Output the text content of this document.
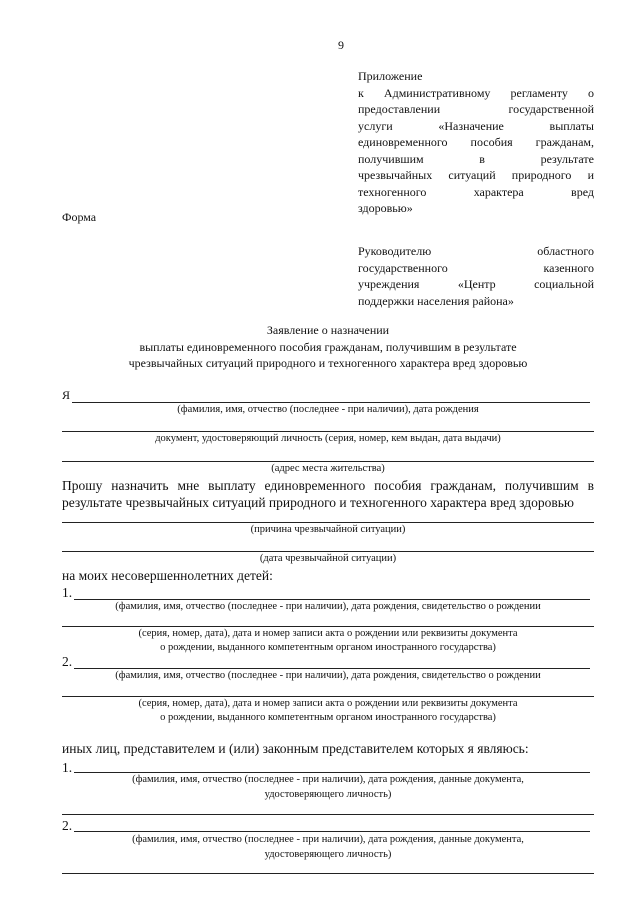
9
Приложение
к Административному регламенту о
предоставлении государственной
услуги «Назначение выплаты
единовременного пособия гражданам,
получившим в результате
чрезвычайных ситуаций природного и
техногенного характера вред
здоровью»
Форма
Руководителю областного
государственного казенного
учреждения «Центр социальной
поддержки населения района»
Заявление о назначении
выплаты единовременного пособия гражданам, получившим в результате
чрезвычайных ситуаций природного и техногенного характера вред здоровью
Я
(фамилия, имя, отчество (последнее - при наличии), дата рождения
документ, удостоверяющий личность (серия, номер, кем выдан, дата выдачи)
(адрес места жительства)
Прошу назначить мне выплату единовременного пособия гражданам, получившим в
результате чрезвычайных ситуаций природного и техногенного характера вред здоровью
(причина чрезвычайной ситуации)
(дата чрезвычайной ситуации)
на моих несовершеннолетних детей:
1.
(фамилия, имя, отчество (последнее - при наличии), дата рождения, свидетельство о рождении
(серия, номер, дата), дата и номер записи акта о рождении или реквизиты документа
о рождении, выданного компетентным органом иностранного государства)
2.
(фамилия, имя, отчество (последнее - при наличии), дата рождения, свидетельство о рождении
(серия, номер, дата), дата и номер записи акта о рождении или реквизиты документа
о рождении, выданного компетентным органом иностранного государства)
иных лиц, представителем и (или) законным представителем которых я являюсь:
1.
(фамилия, имя, отчество (последнее - при наличии), дата рождения, данные документа,
удостоверяющего личность)
2.
(фамилия, имя, отчество (последнее - при наличии), дата рождения, данные документа,
удостоверяющего личность)
